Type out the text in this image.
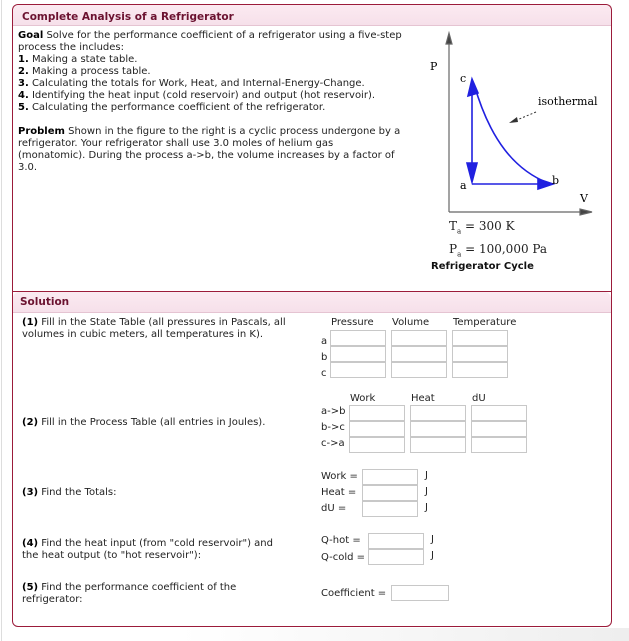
Complete Analysis of a Refrigerator
Goal Solve for the performance coefficient of a refrigerator using a five-step
process the includes:
1. Making a state table.
2. Making a process table.
3. Calculating the totals for Work, Heat, and Internal-Energy-Change.
4. Identifying the heat input (cold reservoir) and output (hot reservoir).
5. Calculating the performance coefficient of the refrigerator.
Problem Shown in the figure to the right is a cyclic process undergone by a
refrigerator. Your refrigerator shall use 3.0 moles of helium gas
(monatomic). During the process a->b, the volume increases by a factor of
3.0.
P
V
c
a	b
isothermal
$T_a = 300$ K
$P_a = 100,000$ Pa
Refrigerator Cycle
Solution
(1) Fill in the State Table (all pressures in Pascals, all
volumes in cubic meters, all temperatures in K).
Pressure Volume Temperature
a
b
c
(2) Fill in the Process Table (all entries in Joules).
Work	Heat	dU
a->b
b->c
c->a
(3) Find the Totals:
Work =
Heat =
dU =
J
J
J
(4) Find the heat input (from "cold reservoir") and
the heat output (to "hot reservoir"):
Q-hot =
Q-cold =
J
J
(5) Find the performance coefficient of the
refrigerator:
Coefficient =
